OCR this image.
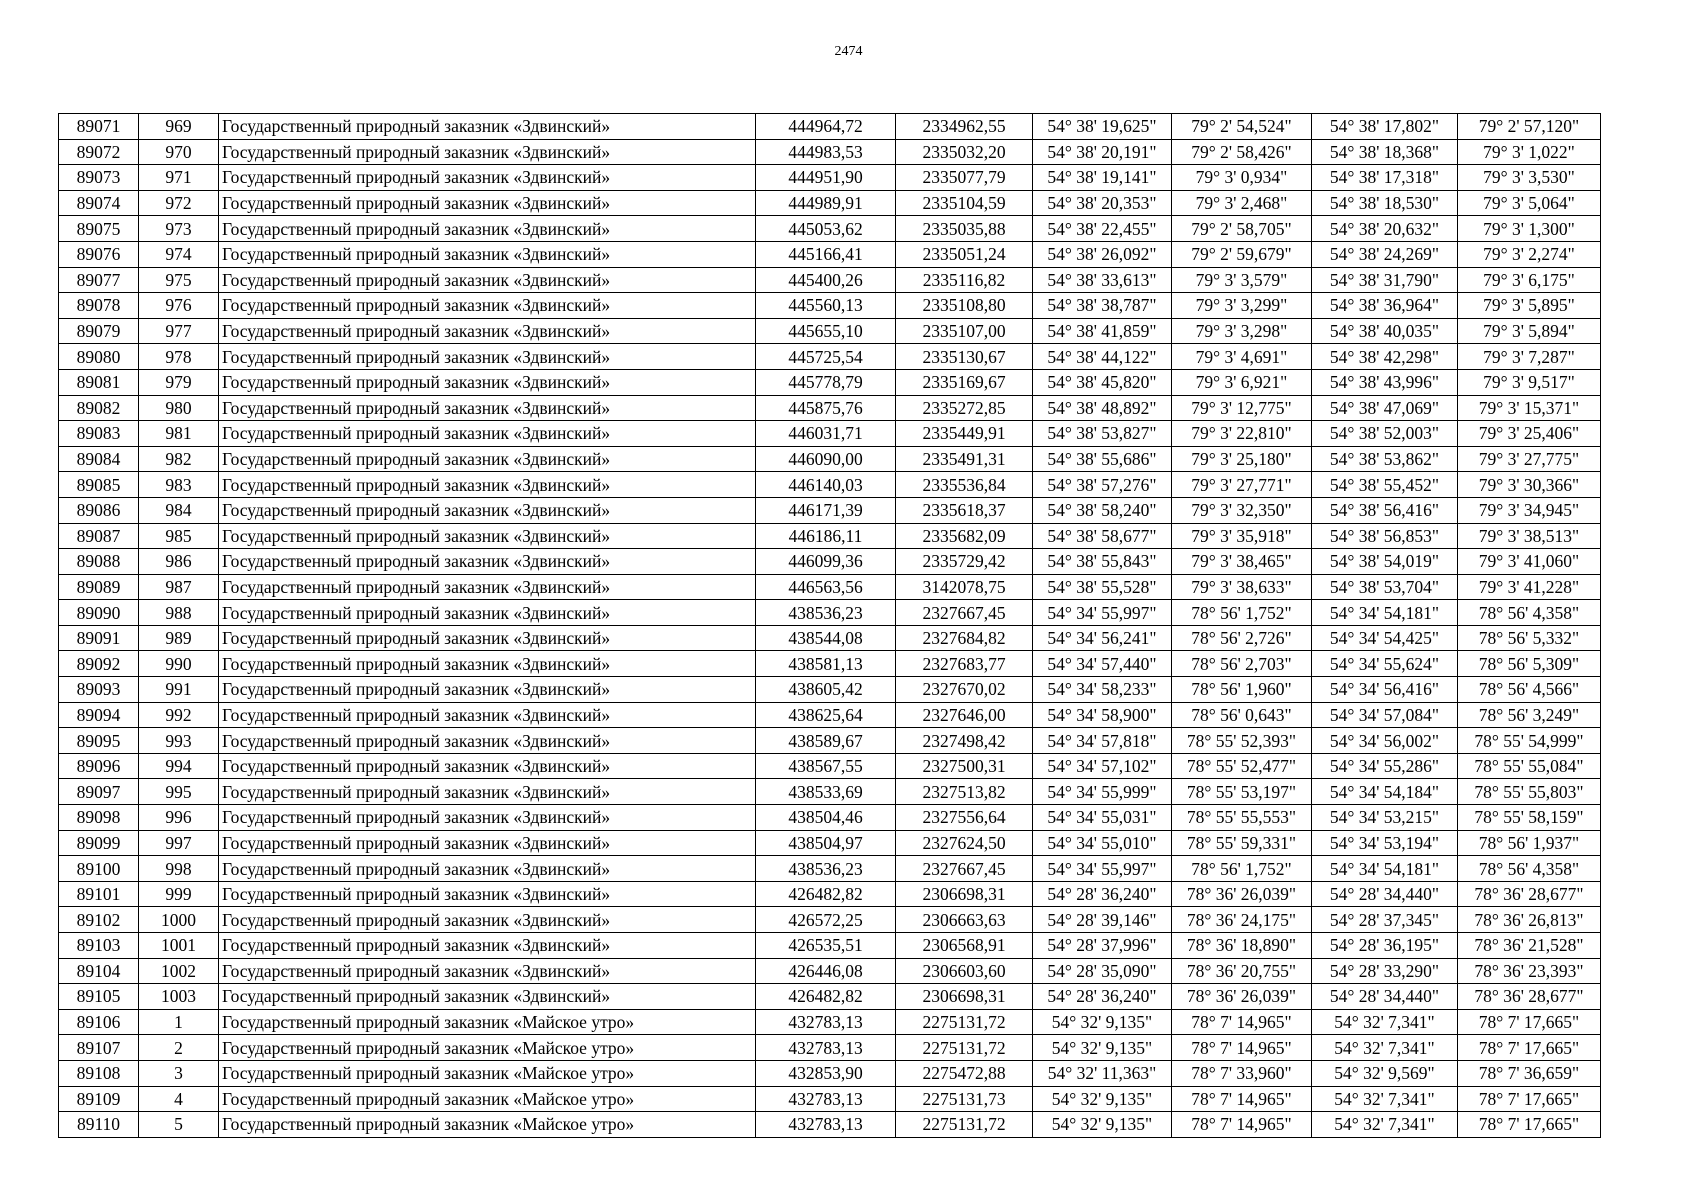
2474
89071	969	Государственный природный заказник «Здвинский»	444964,72	2334962,55	54° 38' 19,625"	79° 2' 54,524"	54° 38' 17,802"	79° 2' 57,120"
89072	970	Государственный природный заказник «Здвинский»	444983,53	2335032,20	54° 38' 20,191"	79° 2' 58,426"	54° 38' 18,368"	79° 3' 1,022"
89073	971	Государственный природный заказник «Здвинский»	444951,90	2335077,79	54° 38' 19,141"	79° 3' 0,934"	54° 38' 17,318"	79° 3' 3,530"
89074	972	Государственный природный заказник «Здвинский»	444989,91	2335104,59	54° 38' 20,353"	79° 3' 2,468"	54° 38' 18,530"	79° 3' 5,064"
89075	973	Государственный природный заказник «Здвинский»	445053,62	2335035,88	54° 38' 22,455"	79° 2' 58,705"	54° 38' 20,632"	79° 3' 1,300"
89076	974	Государственный природный заказник «Здвинский»	445166,41	2335051,24	54° 38' 26,092"	79° 2' 59,679"	54° 38' 24,269"	79° 3' 2,274"
89077	975	Государственный природный заказник «Здвинский»	445400,26	2335116,82	54° 38' 33,613"	79° 3' 3,579"	54° 38' 31,790"	79° 3' 6,175"
89078	976	Государственный природный заказник «Здвинский»	445560,13	2335108,80	54° 38' 38,787"	79° 3' 3,299"	54° 38' 36,964"	79° 3' 5,895"
89079	977	Государственный природный заказник «Здвинский»	445655,10	2335107,00	54° 38' 41,859"	79° 3' 3,298"	54° 38' 40,035"	79° 3' 5,894"
89080	978	Государственный природный заказник «Здвинский»	445725,54	2335130,67	54° 38' 44,122"	79° 3' 4,691"	54° 38' 42,298"	79° 3' 7,287"
89081	979	Государственный природный заказник «Здвинский»	445778,79	2335169,67	54° 38' 45,820"	79° 3' 6,921"	54° 38' 43,996"	79° 3' 9,517"
89082	980	Государственный природный заказник «Здвинский»	445875,76	2335272,85	54° 38' 48,892"	79° 3' 12,775"	54° 38' 47,069"	79° 3' 15,371"
89083	981	Государственный природный заказник «Здвинский»	446031,71	2335449,91	54° 38' 53,827"	79° 3' 22,810"	54° 38' 52,003"	79° 3' 25,406"
89084	982	Государственный природный заказник «Здвинский»	446090,00	2335491,31	54° 38' 55,686"	79° 3' 25,180"	54° 38' 53,862"	79° 3' 27,775"
89085	983	Государственный природный заказник «Здвинский»	446140,03	2335536,84	54° 38' 57,276"	79° 3' 27,771"	54° 38' 55,452"	79° 3' 30,366"
89086	984	Государственный природный заказник «Здвинский»	446171,39	2335618,37	54° 38' 58,240"	79° 3' 32,350"	54° 38' 56,416"	79° 3' 34,945"
89087	985	Государственный природный заказник «Здвинский»	446186,11	2335682,09	54° 38' 58,677"	79° 3' 35,918"	54° 38' 56,853"	79° 3' 38,513"
89088	986	Государственный природный заказник «Здвинский»	446099,36	2335729,42	54° 38' 55,843"	79° 3' 38,465"	54° 38' 54,019"	79° 3' 41,060"
89089	987	Государственный природный заказник «Здвинский»	446563,56	3142078,75	54° 38' 55,528"	79° 3' 38,633"	54° 38' 53,704"	79° 3' 41,228"
89090	988	Государственный природный заказник «Здвинский»	438536,23	2327667,45	54° 34' 55,997"	78° 56' 1,752"	54° 34' 54,181"	78° 56' 4,358"
89091	989	Государственный природный заказник «Здвинский»	438544,08	2327684,82	54° 34' 56,241"	78° 56' 2,726"	54° 34' 54,425"	78° 56' 5,332"
89092	990	Государственный природный заказник «Здвинский»	438581,13	2327683,77	54° 34' 57,440"	78° 56' 2,703"	54° 34' 55,624"	78° 56' 5,309"
89093	991	Государственный природный заказник «Здвинский»	438605,42	2327670,02	54° 34' 58,233"	78° 56' 1,960"	54° 34' 56,416"	78° 56' 4,566"
89094	992	Государственный природный заказник «Здвинский»	438625,64	2327646,00	54° 34' 58,900"	78° 56' 0,643"	54° 34' 57,084"	78° 56' 3,249"
89095	993	Государственный природный заказник «Здвинский»	438589,67	2327498,42	54° 34' 57,818"	78° 55' 52,393"	54° 34' 56,002"	78° 55' 54,999"
89096	994	Государственный природный заказник «Здвинский»	438567,55	2327500,31	54° 34' 57,102"	78° 55' 52,477"	54° 34' 55,286"	78° 55' 55,084"
89097	995	Государственный природный заказник «Здвинский»	438533,69	2327513,82	54° 34' 55,999"	78° 55' 53,197"	54° 34' 54,184"	78° 55' 55,803"
89098	996	Государственный природный заказник «Здвинский»	438504,46	2327556,64	54° 34' 55,031"	78° 55' 55,553"	54° 34' 53,215"	78° 55' 58,159"
89099	997	Государственный природный заказник «Здвинский»	438504,97	2327624,50	54° 34' 55,010"	78° 55' 59,331"	54° 34' 53,194"	78° 56' 1,937"
89100	998	Государственный природный заказник «Здвинский»	438536,23	2327667,45	54° 34' 55,997"	78° 56' 1,752"	54° 34' 54,181"	78° 56' 4,358"
89101	999	Государственный природный заказник «Здвинский»	426482,82	2306698,31	54° 28' 36,240"	78° 36' 26,039"	54° 28' 34,440"	78° 36' 28,677"
89102	1000	Государственный природный заказник «Здвинский»	426572,25	2306663,63	54° 28' 39,146"	78° 36' 24,175"	54° 28' 37,345"	78° 36' 26,813"
89103	1001	Государственный природный заказник «Здвинский»	426535,51	2306568,91	54° 28' 37,996"	78° 36' 18,890"	54° 28' 36,195"	78° 36' 21,528"
89104	1002	Государственный природный заказник «Здвинский»	426446,08	2306603,60	54° 28' 35,090"	78° 36' 20,755"	54° 28' 33,290"	78° 36' 23,393"
89105	1003	Государственный природный заказник «Здвинский»	426482,82	2306698,31	54° 28' 36,240"	78° 36' 26,039"	54° 28' 34,440"	78° 36' 28,677"
89106	1	Государственный природный заказник «Майское утро»	432783,13	2275131,72	54° 32' 9,135"	78° 7' 14,965"	54° 32' 7,341"	78° 7' 17,665"
89107	2	Государственный природный заказник «Майское утро»	432783,13	2275131,72	54° 32' 9,135"	78° 7' 14,965"	54° 32' 7,341"	78° 7' 17,665"
89108	3	Государственный природный заказник «Майское утро»	432853,90	2275472,88	54° 32' 11,363"	78° 7' 33,960"	54° 32' 9,569"	78° 7' 36,659"
89109	4	Государственный природный заказник «Майское утро»	432783,13	2275131,73	54° 32' 9,135"	78° 7' 14,965"	54° 32' 7,341"	78° 7' 17,665"
89110	5	Государственный природный заказник «Майское утро»	432783,13	2275131,72	54° 32' 9,135"	78° 7' 14,965"	54° 32' 7,341"	78° 7' 17,665"
